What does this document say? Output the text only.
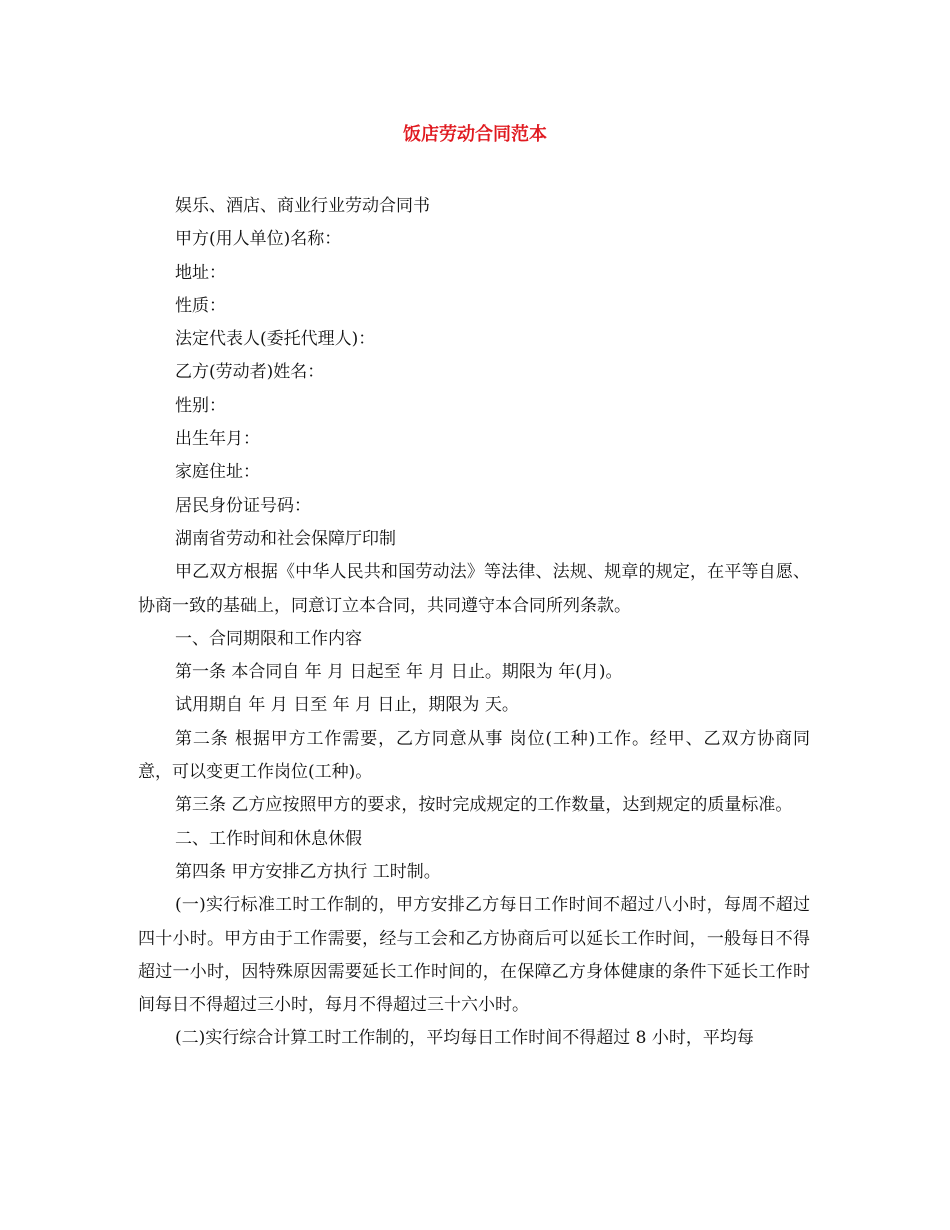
饭店劳动合同范本

娱乐、酒店、商业行业劳动合同书

甲方(用人单位)名称：

地址：

性质：

法定代表人(委托代理人)：

乙方(劳动者)姓名：

性别：

出生年月：

家庭住址：

居民身份证号码：

湖南省劳动和社会保障厅印制

甲乙双方根据《中华人民共和国劳动法》等法律、法规、规章的规定，在平等自愿、协商一致的基础上，同意订立本合同，共同遵守本合同所列条款。

一、合同期限和工作内容

第一条 本合同自 年 月 日起至 年 月 日止。期限为 年(月)。

试用期自 年 月 日至 年 月 日止，期限为 天。

第二条 根据甲方工作需要，乙方同意从事 岗位(工种)工作。经甲、乙双方协商同意，可以变更工作岗位(工种)。

第三条 乙方应按照甲方的要求，按时完成规定的工作数量，达到规定的质量标准。

二、工作时间和休息休假

第四条 甲方安排乙方执行 工时制。

(一)实行标准工时工作制的，甲方安排乙方每日工作时间不超过八小时，每周不超过四十小时。甲方由于工作需要，经与工会和乙方协商后可以延长工作时间，一般每日不得超过一小时，因特殊原因需要延长工作时间的，在保障乙方身体健康的条件下延长工作时间每日不得超过三小时，每月不得超过三十六小时。

(二)实行综合计算工时工作制的，平均每日工作时间不得超过 8 小时，平均每
